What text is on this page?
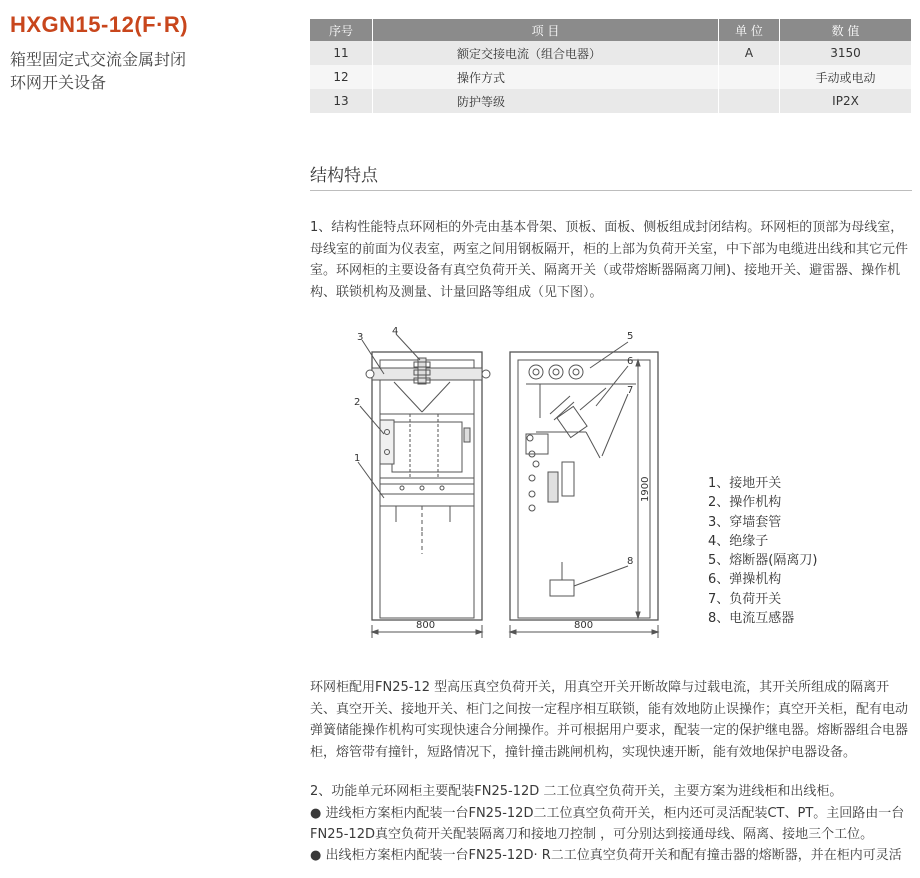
HXGN15-12(F·R)
箱型固定式交流金属封闭
环网开关设备
序号	项 目	单 位	数 值
11	额定交接电流（组合电器）	A	3150
12	操作方式		手动或电动
13	防护等级		IP2X
结构特点

1、结构性能特点环网柜的外壳由基本骨架、顶板、面板、侧板组成封闭结构。环网柜的顶部为母线室，母线室的前面为仪表室，两室之间用钢板隔开，柜的上部为负荷开关室，中下部为电缆进出线和其它元件室。环网柜的主要设备有真空负荷开关、隔离开关（或带熔断器隔离刀闸)、接地开关、避雷器、操作机构、联锁机构及测量、计量回路等组成（见下图）。

3
4
2
1
5
6
7
8
800	800
1900	1、接地开关
2、操作机构
3、穿墙套管
4、绝缘子
5、熔断器(隔离刀)
6、弹操机构
7、负荷开关
8、电流互感器

环网柜配用FN25-12 型高压真空负荷开关，用真空开关开断故障与过载电流，其开关所组成的隔离开关、真空开关、接地开关、柜门之间按一定程序相互联锁，能有效地防止误操作；真空开关柜，配有电动弹簧储能操作机构可实现快速合分闸操作。并可根据用户要求，配装一定的保护继电器。熔断器组合电器柜，熔管带有撞针，短路情况下，撞针撞击跳闸机构，实现快速开断，能有效地保护电器设备。

2、功能单元环网柜主要配装FN25-12D 二工位真空负荷开关，主要方案为进线柜和出线柜。

● 进线柜方案柜内配装一台FN25-12D二工位真空负荷开关，柜内还可灵活配装CT、PT。主回路由一台FN25-12D真空负荷开关配装隔离刀和接地刀控制 ，可分别达到接通母线、隔离、接地三个工位。

● 出线柜方案柜内配装一台FN25-12D· R二工位真空负荷开关和配有撞击器的熔断器，并在柜内可灵活
